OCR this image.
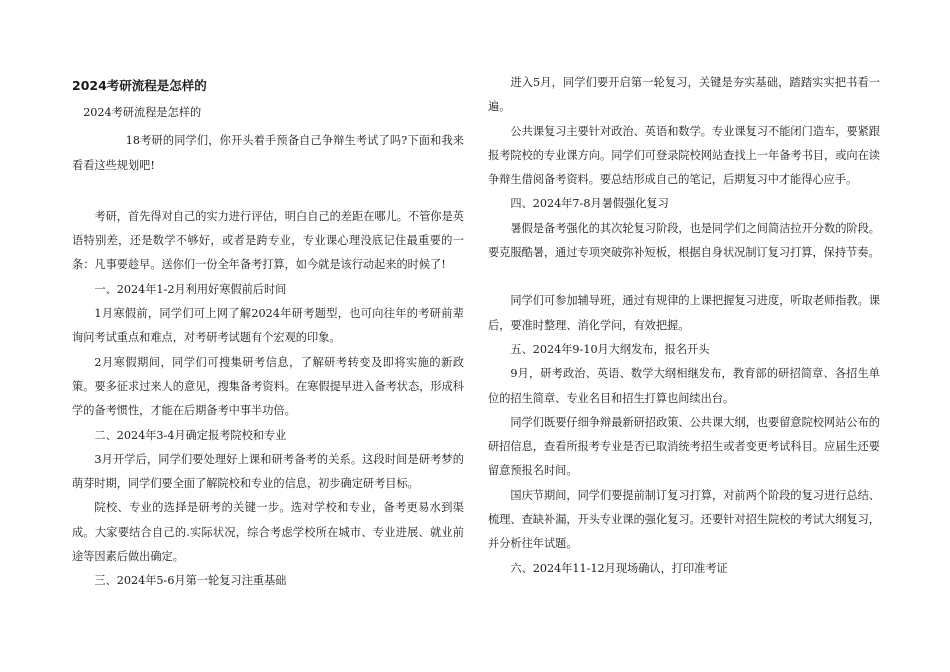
2024考研流程是怎样的

2024考研流程是怎样的

18考研的同学们，你开头着手预备自己争辩生考试了吗?下面和我来看看这些规划吧!

考研，首先得对自己的实力进行评估，明白自己的差距在哪儿。不管你是英语特别差，还是数学不够好，或者是跨专业，专业课心理没底记住最重要的一条：凡事要趁早。送你们一份全年备考打算，如今就是该行动起来的时候了!

一、2024年1-2月利用好寒假前后时间

1月寒假前，同学们可上网了解2024年研考题型，也可向往年的考研前辈询问考试重点和难点，对考研考试题有个宏观的印象。

2月寒假期间，同学们可搜集研考信息，了解研考转变及即将实施的新政策。要多征求过来人的意见，搜集备考资料。在寒假提早进入备考状态，形成科学的备考惯性，才能在后期备考中事半功倍。

二、2024年3-4月确定报考院校和专业

3月开学后，同学们要处理好上课和研考备考的关系。这段时间是研考梦的萌芽时期，同学们要全面了解院校和专业的信息，初步确定研考目标。

院校、专业的选择是研考的关键一步。选对学校和专业，备考更易水到渠成。大家要结合自己的.实际状况，综合考虑学校所在城市、专业进展、就业前途等因素后做出确定。

三、2024年5-6月第一轮复习注重基础

进入5月，同学们要开启第一轮复习，关键是夯实基础，踏踏实实把书看一遍。

公共课复习主要针对政治、英语和数学。专业课复习不能闭门造车，要紧跟报考院校的专业课方向。同学们可登录院校网站查找上一年备考书目，或向在读争辩生借阅备考资料。要总结形成自己的笔记，后期复习中才能得心应手。

四、2024年7-8月暑假强化复习

暑假是备考强化的其次轮复习阶段，也是同学们之间简洁拉开分数的阶段。要克服酷暑，通过专项突破弥补短板，根据自身状况制订复习打算，保持节奏。

同学们可参加辅导班，通过有规律的上课把握复习进度，听取老师指教。课后，要准时整理、消化学问，有效把握。

五、2024年9-10月大纲发布，报名开头

9月，研考政治、英语、数学大纲相继发布，教育部的研招简章、各招生单位的招生简章、专业名目和招生打算也间续出台。

同学们既要仔细争辩最新研招政策、公共课大纲，也要留意院校网站公布的研招信息，查看所报考专业是否已取消统考招生或者变更考试科目。应届生还要留意预报名时间。

国庆节期间，同学们要提前制订复习打算，对前两个阶段的复习进行总结、梳理、查缺补漏，开头专业课的强化复习。还要针对招生院校的考试大纲复习，并分析往年试题。

六、2024年11-12月现场确认，打印准考证
